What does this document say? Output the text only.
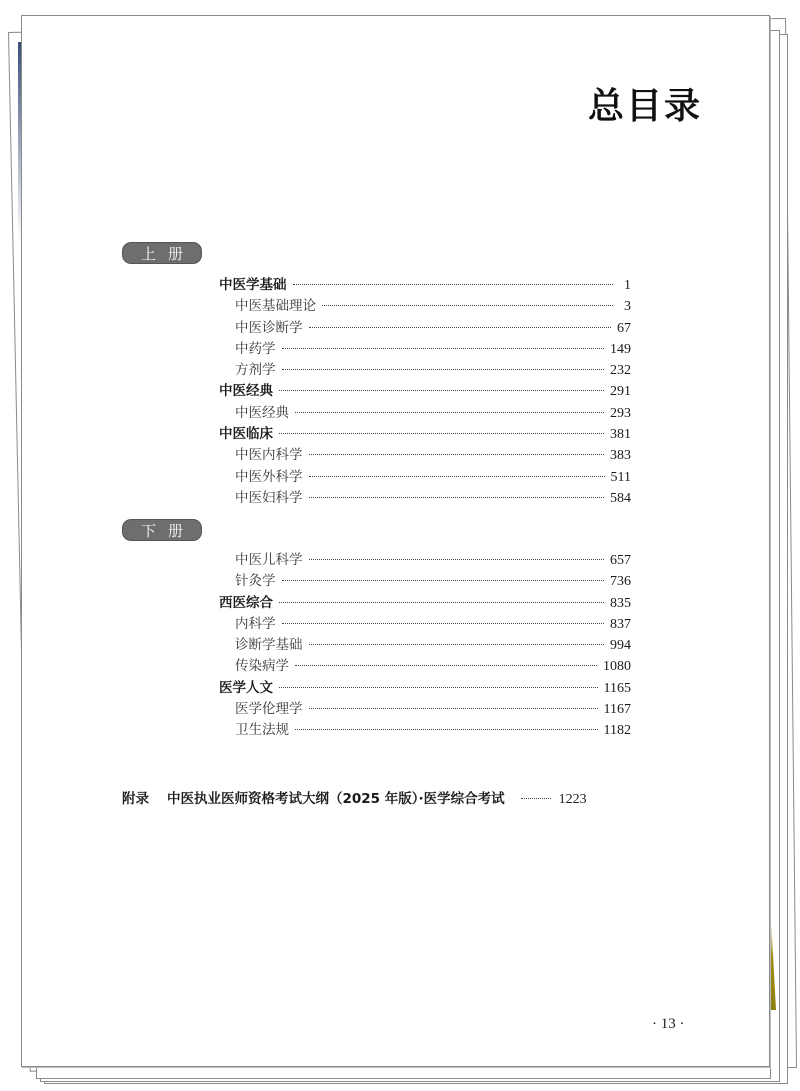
总目录
上 册
中医学基础	1
中医基础理论	3
中医诊断学	67
中药学	149
方剂学	232
中医经典	291
中医经典	293
中医临床	381
中医内科学	383
中医外科学	511
中医妇科学	584
下 册
中医儿科学	657
针灸学	736
西医综合	835
内科学	837
诊断学基础	994
传染病学	1080
医学人文	1165
医学伦理学	1167
卫生法规	1182
附录 中医执业医师资格考试大纲（2025 年版）·医学综合考试	1223
· 13 ·
